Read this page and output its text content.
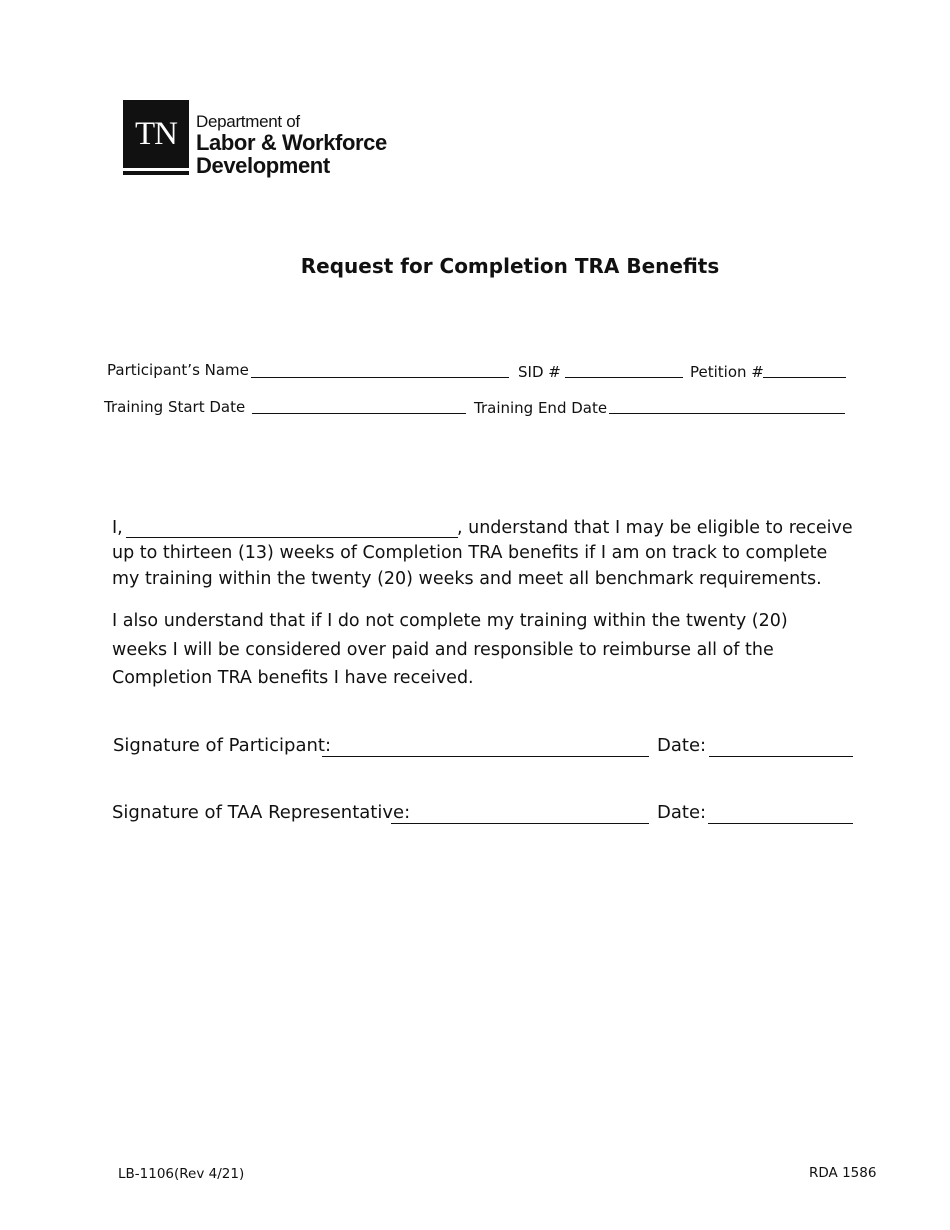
TN	Department of
Labor & Workforce
Development
Request for Completion TRA Benefits
Participant’s Name	SID #	Petition #
Training Start Date	Training End Date
I,	, understand that I may be eligible to receive
up to thirteen (13) weeks of Completion TRA benefits if I am on track to complete
my training within the twenty (20) weeks and meet all benchmark requirements.
I also understand that if I do not complete my training within the twenty (20)
weeks I will be considered over paid and responsible to reimburse all of the
Completion TRA benefits I have received.
Signature of Participant:	Date:
Signature of TAA Representative:	Date:
LB-1106(Rev 4/21)	RDA 1586
